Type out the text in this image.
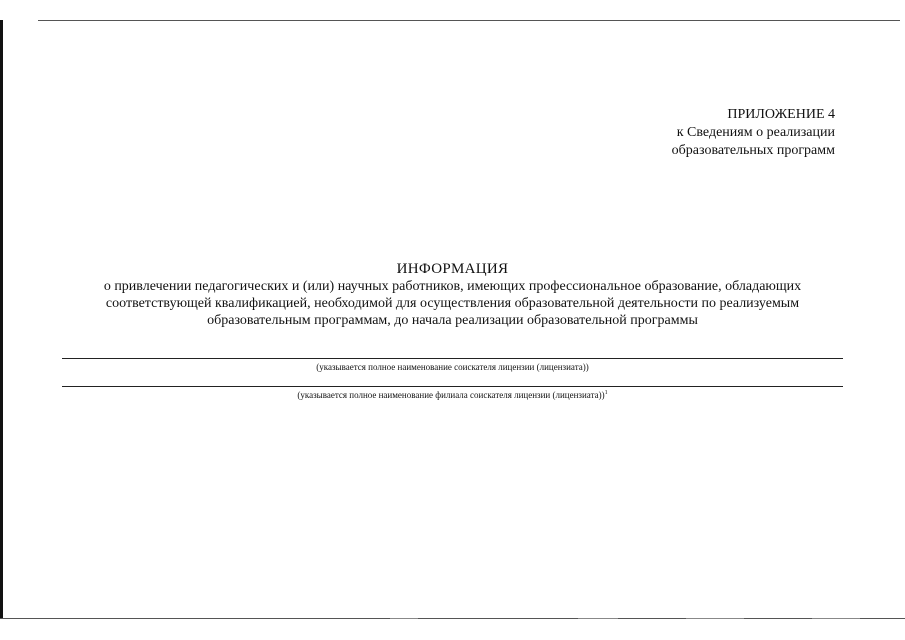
ПРИЛОЖЕНИЕ 4
к Сведениям о реализации
образовательных программ
ИНФОРМАЦИЯ
о привлечении педагогических и (или) научных работников, имеющих профессиональное образование, обладающих
соответствующей квалификацией, необходимой для осуществления образовательной деятельности по реализуемым
образовательным программам, до начала реализации образовательной программы
(указывается полное наименование соискателя лицензии (лицензиата))
(указывается полное наименование филиала соискателя лицензии (лицензиата))$^1$
